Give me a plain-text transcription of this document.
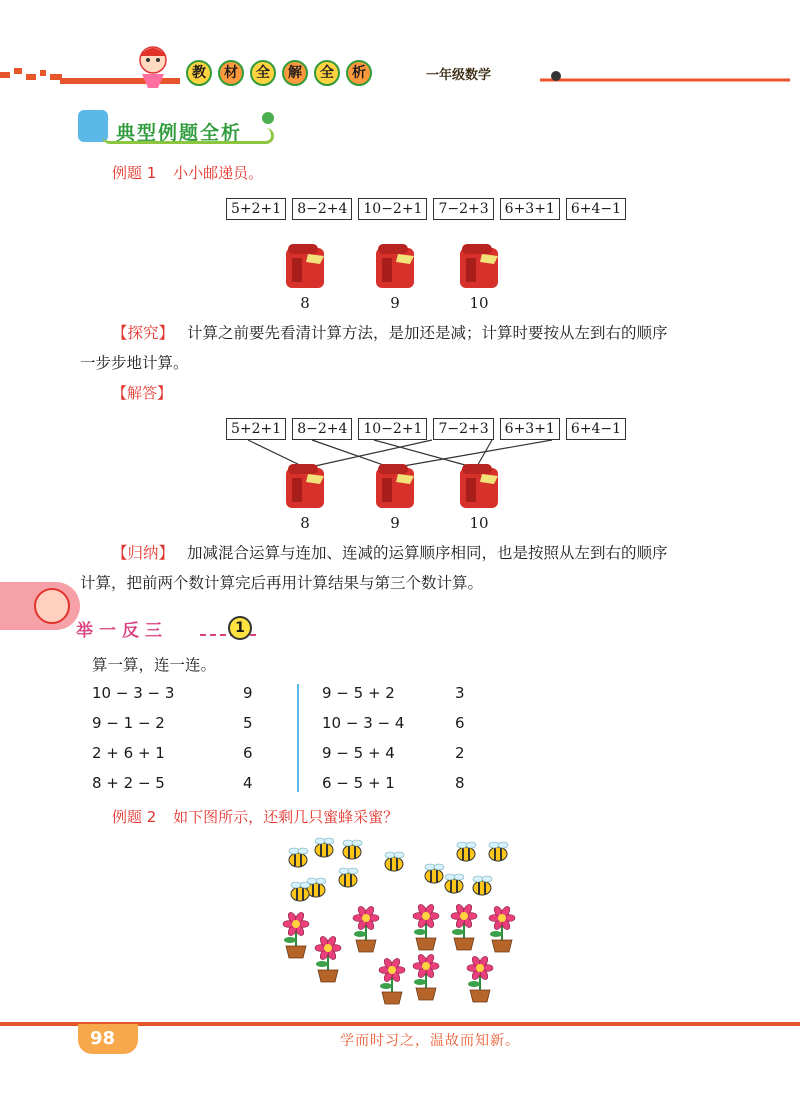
教	材	全	解	全	析	一年级数学
典型例题全析
例题 1 小小邮递员。
5+2+1	8−2+4	10−2+1	7−2+3	6+3+1	6+4−1
8	9	10
【探究】 计算之前要先看清计算方法，是加还是减；计算时要按从左到右的顺序
一步步地计算。
【解答】
5+2+1	8−2+4	10−2+1	7−2+3	6+3+1	6+4−1
8	9	10
【归纳】 加减混合运算与连加、连减的运算顺序相同，也是按照从左到右的顺序
计算，把前两个数计算完后再用计算结果与第三个数计算。
举一反三	1
算一算，连一连。
10 − 3 − 3	9	9 − 5 + 2	3
9 − 1 − 2	5	10 − 3 − 4	6
2 + 6 + 1	6	9 − 5 + 4	2
8 + 2 − 5	4	6 − 5 + 1	8
例题 2 如下图所示，还剩几只蜜蜂采蜜？
98	学而时习之，温故而知新。
